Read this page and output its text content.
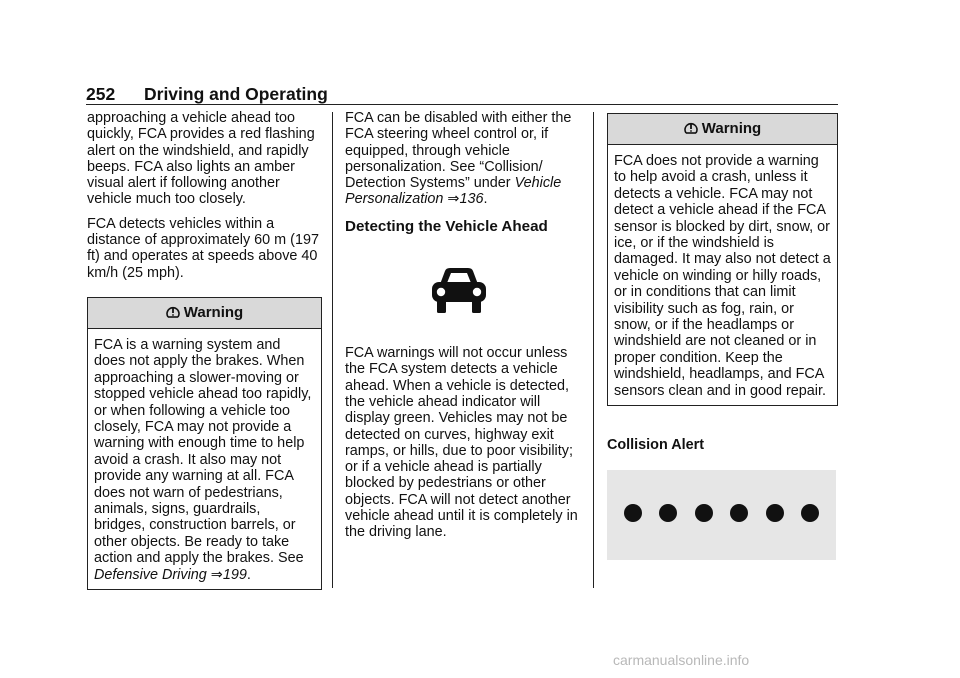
252 Driving and Operating

approaching a vehicle ahead too quickly, FCA provides a red flashing alert on the windshield, and rapidly beeps. FCA also lights an amber visual alert if following another vehicle much too closely.

FCA detects vehicles within a distance of approximately 60 m (197 ft) and operates at speeds above 40 km/h (25 mph).

Warning
FCA is a warning system and does not apply the brakes. When approaching a slower-moving or stopped vehicle ahead too rapidly, or when following a vehicle too closely, FCA may not provide a warning with enough time to help avoid a crash. It also may not provide any warning at all. FCA does not warn of pedestrians, animals, signs, guardrails, bridges, construction barrels, or other objects. Be ready to take action and apply the brakes. See Defensive Driving ⇒199.

FCA can be disabled with either the FCA steering wheel control or, if equipped, through vehicle personalization. See “Collision/ Detection Systems” under Vehicle Personalization ⇒136.

Detecting the Vehicle Ahead

FCA warnings will not occur unless the FCA system detects a vehicle ahead. When a vehicle is detected, the vehicle ahead indicator will display green. Vehicles may not be detected on curves, highway exit ramps, or hills, due to poor visibility; or if a vehicle ahead is partially blocked by pedestrians or other objects. FCA will not detect another vehicle ahead until it is completely in the driving lane.

Warning
FCA does not provide a warning to help avoid a crash, unless it detects a vehicle. FCA may not detect a vehicle ahead if the FCA sensor is blocked by dirt, snow, or ice, or if the windshield is damaged. It may also not detect a vehicle on winding or hilly roads, or in conditions that can limit visibility such as fog, rain, or snow, or if the headlamps or windshield are not cleaned or in proper condition. Keep the windshield, headlamps, and FCA sensors clean and in good repair.
Collision Alert
carmanualsonline.info
